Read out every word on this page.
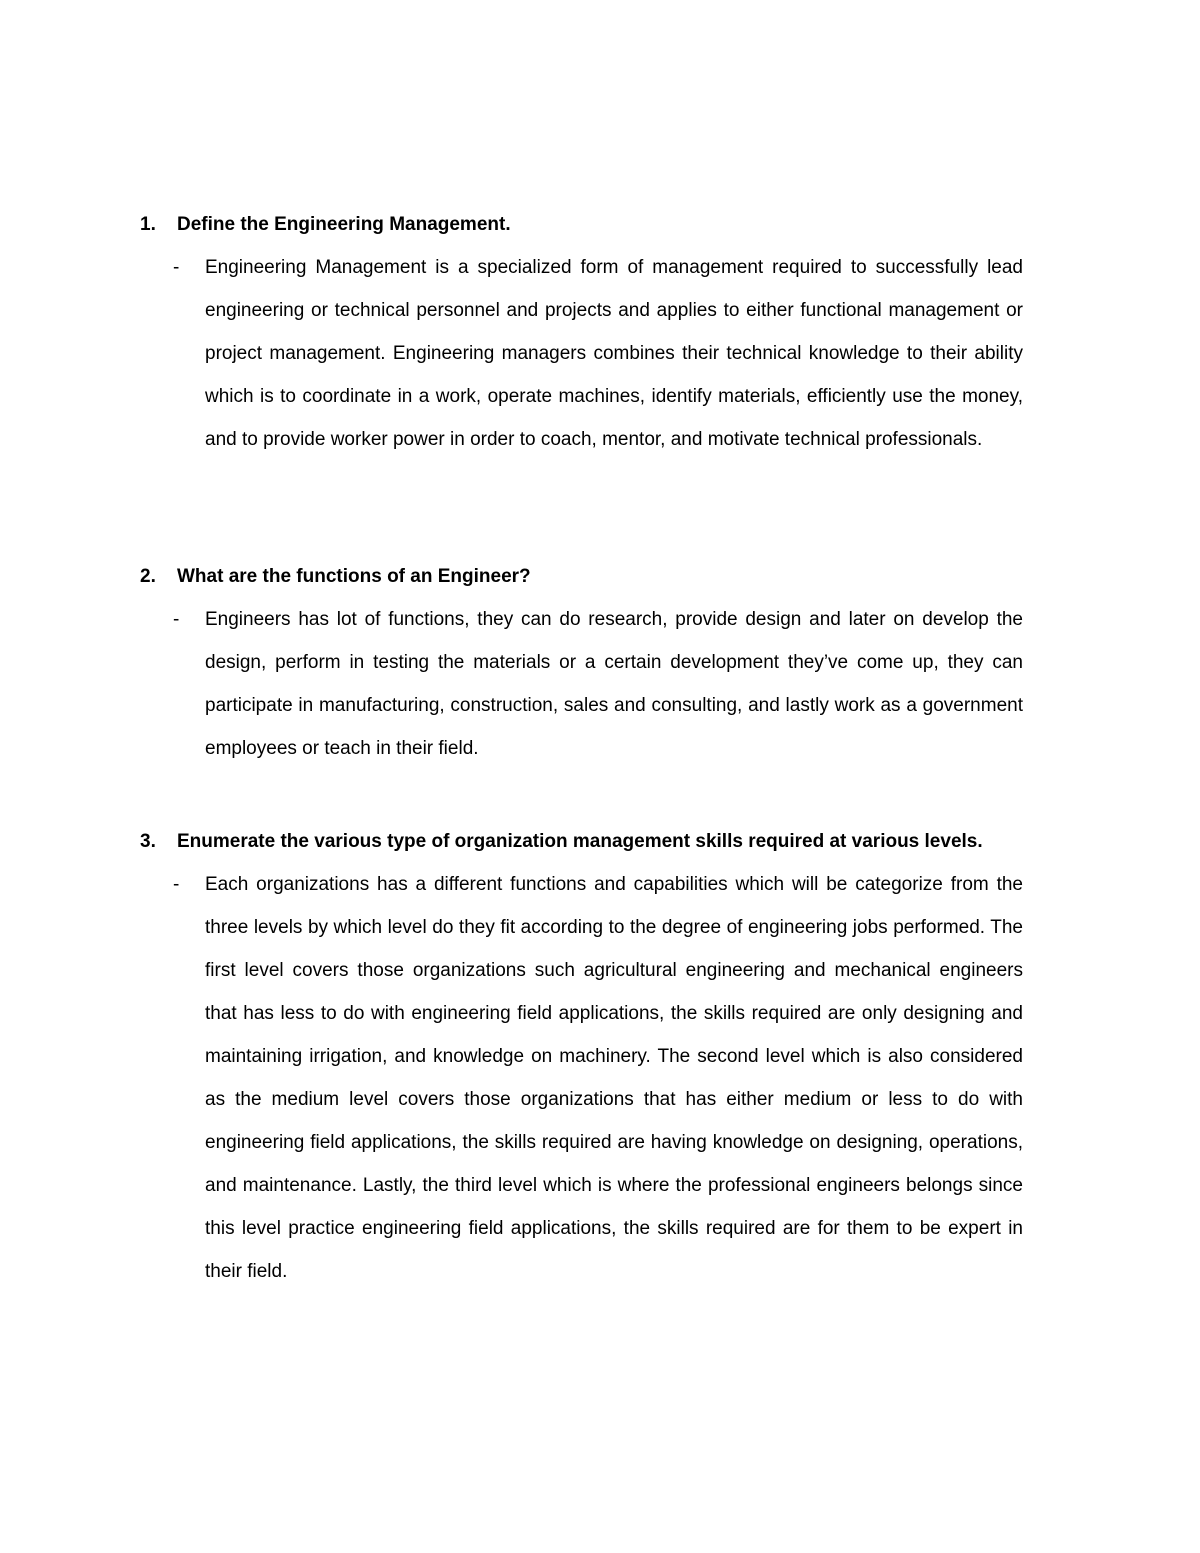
1.	Define the Engineering Management.
-	Engineering Management is a specialized form of management required to successfully lead engineering or technical personnel and projects and applies to either functional management or project management. Engineering managers combines their technical knowledge to their ability which is to coordinate in a work, operate machines, identify materials, efficiently use the money, and to provide worker power in order to coach, mentor, and motivate technical professionals.
2.	What are the functions of an Engineer?
-	Engineers has lot of functions, they can do research, provide design and later on develop the design, perform in testing the materials or a certain development they’ve come up, they can participate in manufacturing, construction, sales and consulting, and lastly work as a government employees or teach in their field.
3.	Enumerate the various type of organization management skills required at various levels.
-	Each organizations has a different functions and capabilities which will be categorize from the three levels by which level do they fit according to the degree of engineering jobs performed. The first level covers those organizations such agricultural engineering and mechanical engineers that has less to do with engineering field applications, the skills required are only designing and maintaining irrigation, and knowledge on machinery. The second level which is also considered as the medium level covers those organizations that has either medium or less to do with engineering field applications, the skills required are having knowledge on designing, operations, and maintenance. Lastly, the third level which is where the professional engineers belongs since this level practice engineering field applications, the skills required are for them to be expert in their field.
